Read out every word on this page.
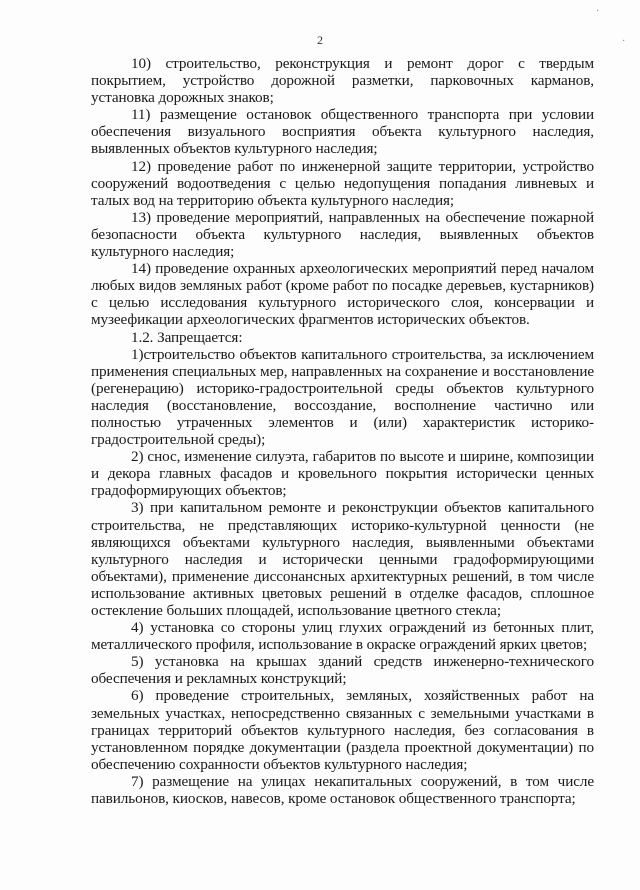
2
·
·

10) строительство, реконструкция и ремонт дорог с твердым покрытием, устройство дорожной разметки, парковочных карманов, установка дорожных знаков;

11) размещение остановок общественного транспорта при условии обеспечения визуального восприятия объекта культурного наследия, выявленных объектов культурного наследия;

12) проведение работ по инженерной защите территории, устройство сооружений водоотведения с целью недопущения попадания ливневых и талых вод на территорию объекта культурного наследия;

13) проведение мероприятий, направленных на обеспечение пожарной безопасности объекта культурного наследия, выявленных объектов культурного наследия;

14) проведение охранных археологических мероприятий перед началом любых видов земляных работ (кроме работ по посадке деревьев, кустарников) с целью исследования культурного исторического слоя, консервации и музеефикации археологических фрагментов исторических объектов.

1.2. Запрещается:

1)строительство объектов капитального строительства, за исключением применения специальных мер, направленных на сохранение и восстановление (регенерацию) историко-градостроительной среды объектов культурного наследия (восстановление, воссоздание, восполнение частично или полностью утраченных элементов и (или) характеристик историко-градостроительной среды);

2) снос, изменение силуэта, габаритов по высоте и ширине, композиции и декора главных фасадов и кровельного покрытия исторически ценных градоформирующих объектов;

3) при капитальном ремонте и реконструкции объектов капитального строительства, не представляющих историко-культурной ценности (не являющихся объектами культурного наследия, выявленными объектами культурного наследия и исторически ценными градоформирующими объектами), применение диссонансных архитектурных решений, в том числе использование активных цветовых решений в отделке фасадов, сплошное остекление больших площадей, использование цветного стекла;

4) установка со стороны улиц глухих ограждений из бетонных плит, металлического профиля, использование в окраске ограждений ярких цветов;

5) установка на крышах зданий средств инженерно-технического обеспечения и рекламных конструкций;

6) проведение строительных, земляных, хозяйственных работ на земельных участках, непосредственно связанных с земельными участками в границах территорий объектов культурного наследия, без согласования в установленном порядке документации (раздела проектной документации) по обеспечению сохранности объектов культурного наследия;

7) размещение на улицах некапитальных сооружений, в том числе павильонов, киосков, навесов, кроме остановок общественного транспорта;
